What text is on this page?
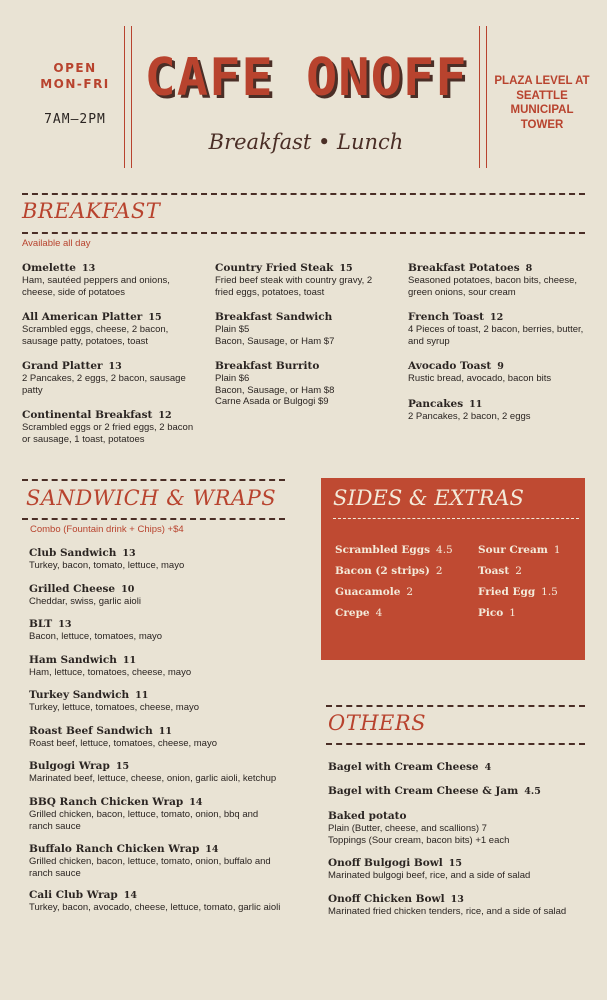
OPEN
MON-FRI
7AM–2PM
CAFE ONOFF
Breakfast • Lunch
PLAZA LEVEL AT SEATTLE MUNICIPAL TOWER
BREAKFAST
Available all day
Omelette 13
Ham, sautéed peppers and onions,
cheese, side of potatoes
All American Platter 15
Scrambled eggs, cheese, 2 bacon,
sausage patty, potatoes, toast
Grand Platter 13
2 Pancakes, 2 eggs, 2 bacon, sausage
patty
Continental Breakfast 12
Scrambled eggs or 2 fried eggs, 2 bacon
or sausage, 1 toast, potatoes
Country Fried Steak 15
Fried beef steak with country gravy, 2
fried eggs, potatoes, toast
Breakfast Sandwich
Plain $5
Bacon, Sausage, or Ham $7
Breakfast Burrito
Plain $6
Bacon, Sausage, or Ham $8
Carne Asada or Bulgogi $9
Breakfast Potatoes 8
Seasoned potatoes, bacon bits, cheese,
green onions, sour cream
French Toast 12
4 Pieces of toast, 2 bacon, berries, butter,
and syrup
Avocado Toast 9
Rustic bread, avocado, bacon bits
Pancakes 11
2 Pancakes, 2 bacon, 2 eggs
SANDWICH & WRAPS
Combo (Fountain drink + Chips) +$4
Club Sandwich 13
Turkey, bacon, tomato, lettuce, mayo
Grilled Cheese 10
Cheddar, swiss, garlic aioli
BLT 13
Bacon, lettuce, tomatoes, mayo
Ham Sandwich 11
Ham, lettuce, tomatoes, cheese, mayo
Turkey Sandwich 11
Turkey, lettuce, tomatoes, cheese, mayo
Roast Beef Sandwich 11
Roast beef, lettuce, tomatoes, cheese, mayo
Bulgogi Wrap 15
Marinated beef, lettuce, cheese, onion, garlic aioli, ketchup
BBQ Ranch Chicken Wrap 14
Grilled chicken, bacon, lettuce, tomato, onion, bbq and
ranch sauce
Buffalo Ranch Chicken Wrap 14
Grilled chicken, bacon, lettuce, tomato, onion, buffalo and
ranch sauce
Cali Club Wrap 14
Turkey, bacon, avocado, cheese, lettuce, tomato, garlic aioli
SIDES & EXTRAS
Scrambled Eggs 4.5
Bacon (2 strips) 2
Guacamole 2
Crepe 4
Sour Cream 1
Toast 2
Fried Egg 1.5
Pico 1
OTHERS
Bagel with Cream Cheese 4
Bagel with Cream Cheese & Jam 4.5
Baked potato
Plain (Butter, cheese, and scallions) 7
Toppings (Sour cream, bacon bits) +1 each
Onoff Bulgogi Bowl 15
Marinated bulgogi beef, rice, and a side of salad
Onoff Chicken Bowl 13
Marinated fried chicken tenders, rice, and a side of salad
